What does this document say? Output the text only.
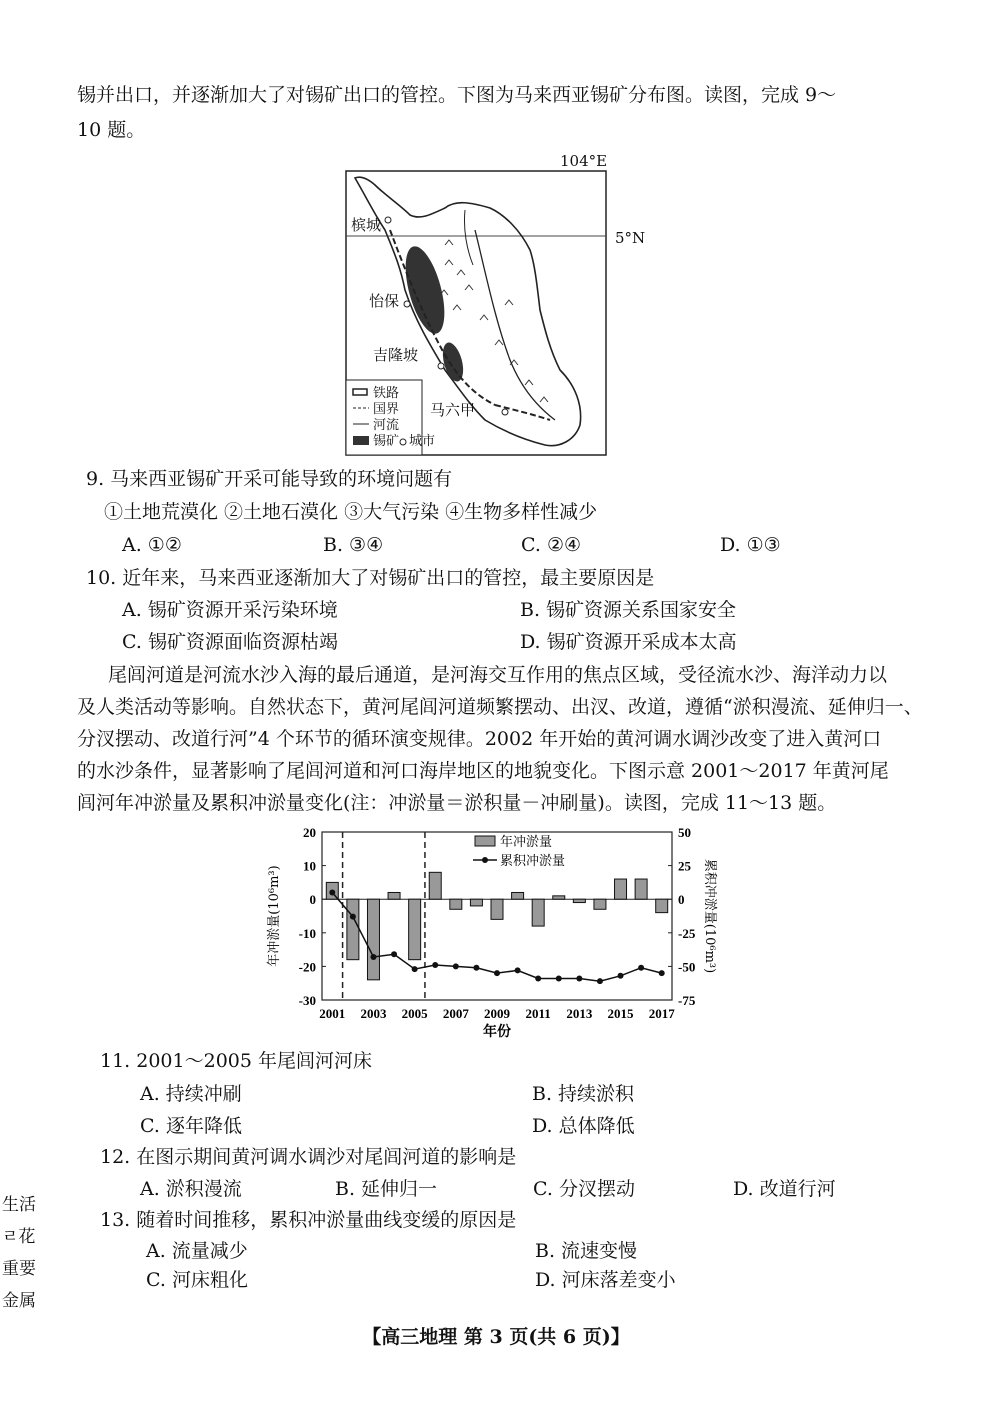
锡并出口，并逐渐加大了对锡矿出口的管控。下图为马来西亚锡矿分布图。读图，完成 9～
10 题。
104°E
5°N
槟城
怡保
吉隆坡
马六甲
铁路
国界
河流
锡矿 城市
9. 马来西亚锡矿开采可能导致的环境问题有
①土地荒漠化 ②土地石漠化 ③大气污染 ④生物多样性减少
A. ①②	B. ③④	C. ②④	D. ①③
10. 近年来，马来西亚逐渐加大了对锡矿出口的管控，最主要原因是
A. 锡矿资源开采污染环境	B. 锡矿资源关系国家安全
C. 锡矿资源面临资源枯竭	D. 锡矿资源开采成本太高
尾闾河道是河流水沙入海的最后通道，是河海交互作用的焦点区域，受径流水沙、海洋动力以
及人类活动等影响。自然状态下，黄河尾闾河道频繁摆动、出汊、改道，遵循“淤积漫流、延伸归一、
分汊摆动、改道行河”4 个环节的循环演变规律。2002 年开始的黄河调水调沙改变了进入黄河口
的水沙条件，显著影响了尾闾河道和河口海岸地区的地貌变化。下图示意 2001～2017 年黄河尾
闾河年冲淤量及累积冲淤量变化(注：冲淤量＝淤积量－冲刷量)。读图，完成 11～13 题。
20
10
0
-10
-20
-30
50
25
0
-25
-50
-75
2001 2003 2005 2007 2009 2011 2013 2015 2017
年份
年冲淤量(10⁶m³)	累积冲淤量(10⁶m³)
年冲淤量
累积冲淤量
11. 2001～2005 年尾闾河河床
A. 持续冲刷	B. 持续淤积
C. 逐年降低	D. 总体降低
12. 在图示期间黄河调水调沙对尾闾河道的影响是
A. 淤积漫流	B. 延伸归一	C. 分汊摆动	D. 改道行河
13. 随着时间推移，累积冲淤量曲线变缓的原因是
A. 流量减少	B. 流速变慢
C. 河床粗化	D. 河床落差变小
生活
ㄹ花
重要
金属
【高三地理 第 3 页(共 6 页)】
